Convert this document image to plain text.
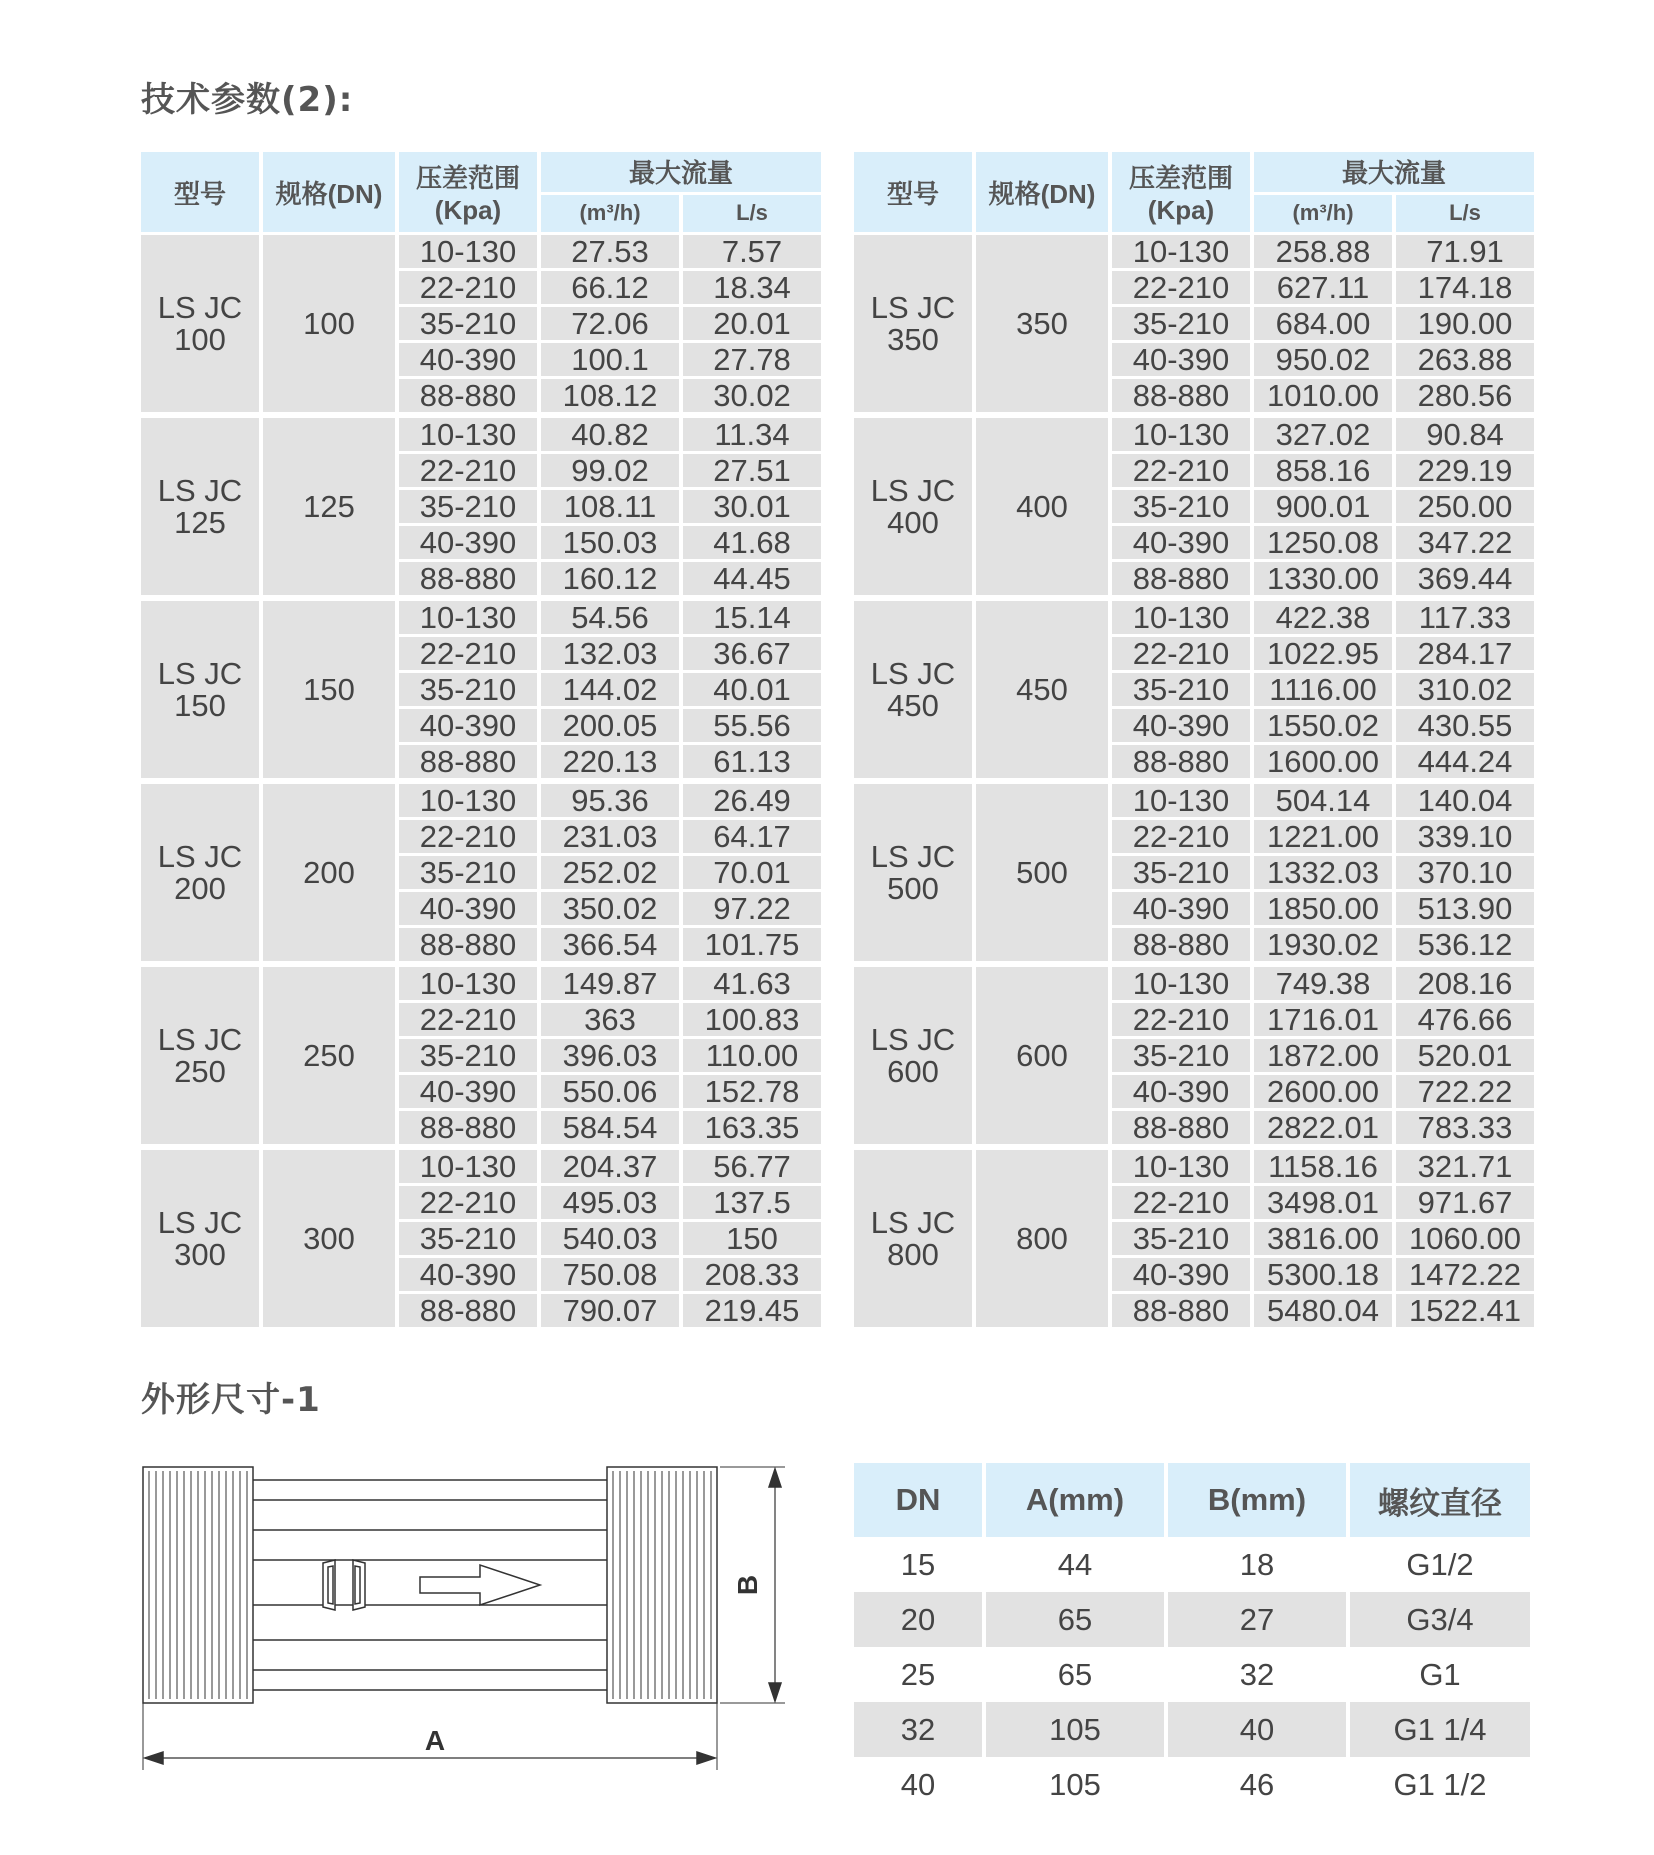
技术参数(2):
型号	规格(DN)	压差范围
(Kpa)	最大流量	
			(m³/h)	L/s
LS JC
100	100	10-130	27.53	7.57
		22-210	66.12	18.34
		35-210	72.06	20.01
		40-390	100.1	27.78
		88-880	108.12	30.02
LS JC
125	125	10-130	40.82	11.34
		22-210	99.02	27.51
		35-210	108.11	30.01
		40-390	150.03	41.68
		88-880	160.12	44.45
LS JC
150	150	10-130	54.56	15.14
		22-210	132.03	36.67
		35-210	144.02	40.01
		40-390	200.05	55.56
		88-880	220.13	61.13
LS JC
200	200	10-130	95.36	26.49
		22-210	231.03	64.17
		35-210	252.02	70.01
		40-390	350.02	97.22
		88-880	366.54	101.75
LS JC
250	250	10-130	149.87	41.63
		22-210	363	100.83
		35-210	396.03	110.00
		40-390	550.06	152.78
		88-880	584.54	163.35
LS JC
300	300	10-130	204.37	56.77
		22-210	495.03	137.5
		35-210	540.03	150
		40-390	750.08	208.33
		88-880	790.07	219.45
型号	规格(DN)	压差范围
(Kpa)	最大流量	
			(m³/h)	L/s
LS JC
350	350	10-130	258.88	71.91
		22-210	627.11	174.18
		35-210	684.00	190.00
		40-390	950.02	263.88
		88-880	1010.00	280.56
LS JC
400	400	10-130	327.02	90.84
		22-210	858.16	229.19
		35-210	900.01	250.00
		40-390	1250.08	347.22
		88-880	1330.00	369.44
LS JC
450	450	10-130	422.38	117.33
		22-210	1022.95	284.17
		35-210	1116.00	310.02
		40-390	1550.02	430.55
		88-880	1600.00	444.24
LS JC
500	500	10-130	504.14	140.04
		22-210	1221.00	339.10
		35-210	1332.03	370.10
		40-390	1850.00	513.90
		88-880	1930.02	536.12
LS JC
600	600	10-130	749.38	208.16
		22-210	1716.01	476.66
		35-210	1872.00	520.01
		40-390	2600.00	722.22
		88-880	2822.01	783.33
LS JC
800	800	10-130	1158.16	321.71
		22-210	3498.01	971.67
		35-210	3816.00	1060.00
		40-390	5300.18	1472.22
		88-880	5480.04	1522.41
外形尺寸-1
A
B
DN	A(mm)	B(mm)	螺纹直径
15	44	18	G1/2
20	65	27	G3/4
25	65	32	G1
32	105	40	G1 1/4
40	105	46	G1 1/2
